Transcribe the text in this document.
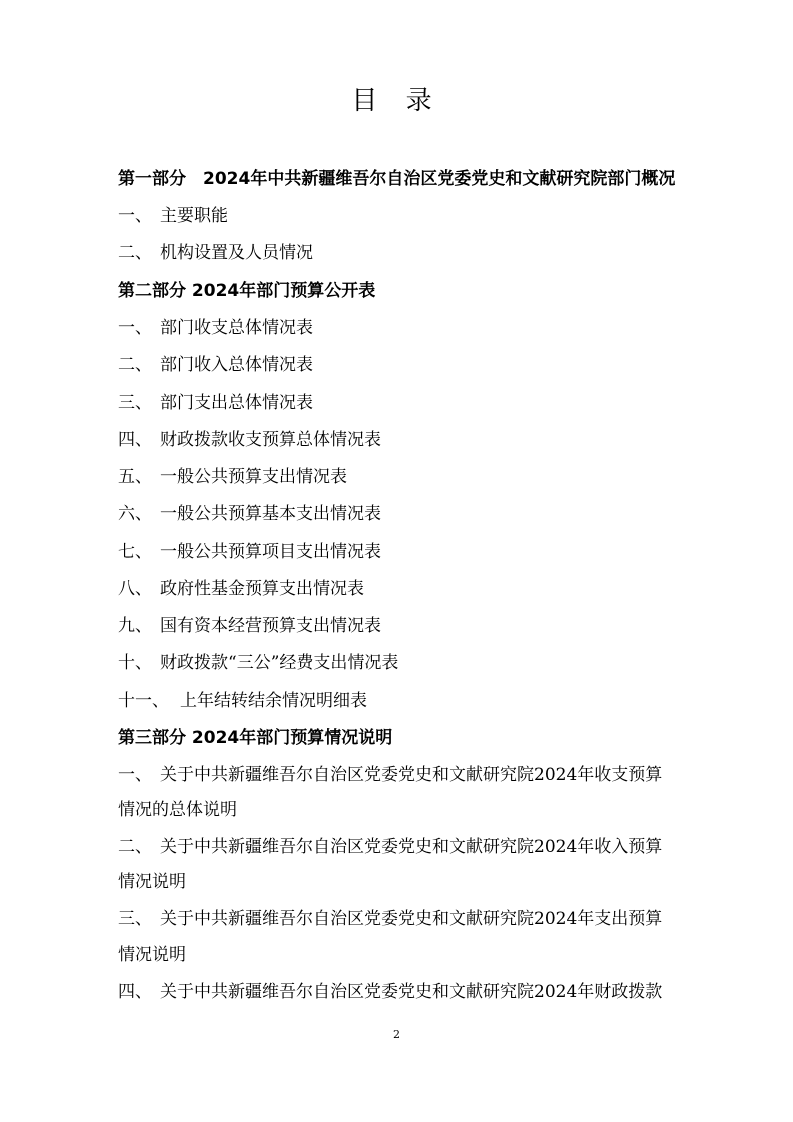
目 录
第一部分　2024年中共新疆维吾尔自治区党委党史和文献研究院部门概况
一、 主要职能
二、 机构设置及人员情况
第二部分 2024年部门预算公开表
一、 部门收支总体情况表
二、 部门收入总体情况表
三、 部门支出总体情况表
四、 财政拨款收支预算总体情况表
五、 一般公共预算支出情况表
六、 一般公共预算基本支出情况表
七、 一般公共预算项目支出情况表
八、 政府性基金预算支出情况表
九、 国有资本经营预算支出情况表
十、 财政拨款“三公”经费支出情况表
十一、 上年结转结余情况明细表
第三部分 2024年部门预算情况说明
一、 关于中共新疆维吾尔自治区党委党史和文献研究院2024年收支预算
情况的总体说明
二、 关于中共新疆维吾尔自治区党委党史和文献研究院2024年收入预算
情况说明
三、 关于中共新疆维吾尔自治区党委党史和文献研究院2024年支出预算
情况说明
四、 关于中共新疆维吾尔自治区党委党史和文献研究院2024年财政拨款
2
